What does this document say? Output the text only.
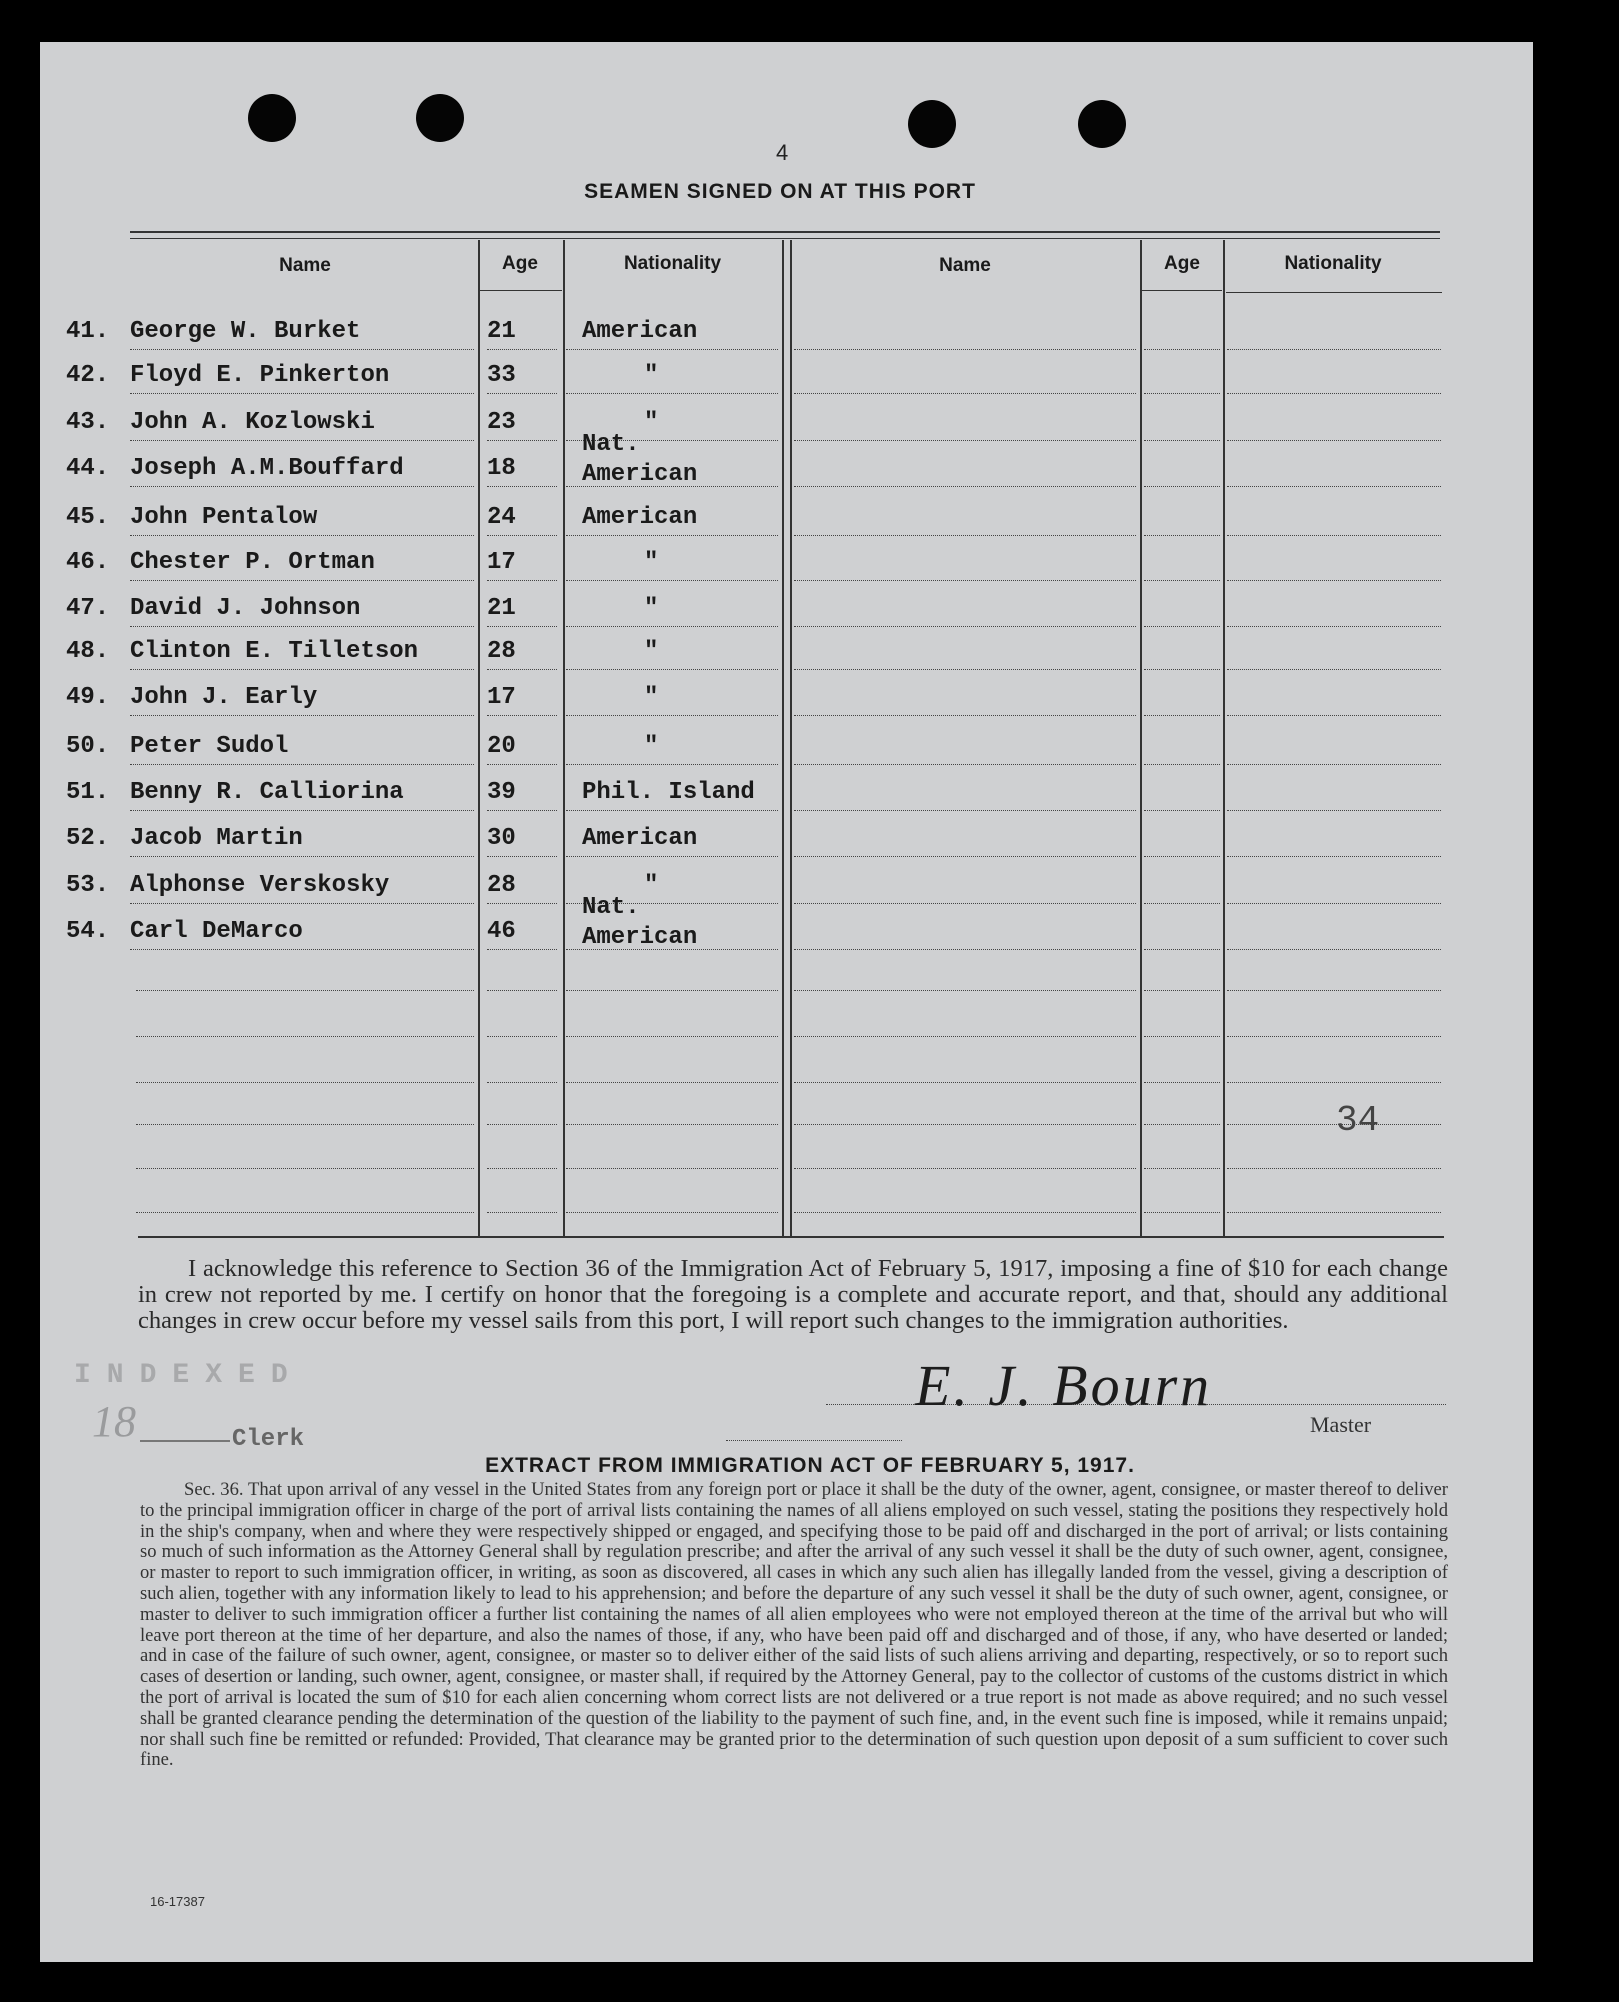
4
SEAMEN SIGNED ON AT THIS PORT
Name	Age	Nationality	Name	Age	Nationality
41. George W. Burket	21	American
42. Floyd E. Pinkerton	33	"
43. John A. Kozlowski	23	"
44. Joseph A.M.Bouffard	18
Nat.
American
45. John Pentalow	24	American
46. Chester P. Ortman	17	"
47. David J. Johnson	21	"
48. Clinton E. Tilletson	28	"
49. John J. Early	17	"
50. Peter Sudol	20	"
51. Benny R. Calliorina	39	Phil. Island
52. Jacob Martin	30	American
53. Alphonse Verskosky	28	"
54. Carl DeMarco	46
Nat.
American
34
I acknowledge this reference to Section 36 of the Immigration Act of February 5, 1917, imposing a fine of $10 for each change in crew not reported by me. I certify on honor that the foregoing is a complete and accurate report, and that, should any additional changes in crew occur before my vessel sails from this port, I will report such changes to the immigration authorities.
INDEXED
18	Clerk
E. J. Bourn
Master
EXTRACT FROM IMMIGRATION ACT OF FEBRUARY 5, 1917.
Sec. 36. That upon arrival of any vessel in the United States from any foreign port or place it shall be the duty of the owner, agent, consignee, or master thereof to deliver to the principal immigration officer in charge of the port of arrival lists containing the names of all aliens employed on such vessel, stating the positions they respectively hold in the ship's company, when and where they were respectively shipped or engaged, and specifying those to be paid off and discharged in the port of arrival; or lists containing so much of such information as the Attorney General shall by regulation prescribe; and after the arrival of any such vessel it shall be the duty of such owner, agent, consignee, or master to report to such immigration officer, in writing, as soon as discovered, all cases in which any such alien has illegally landed from the vessel, giving a description of such alien, together with any information likely to lead to his apprehension; and before the departure of any such vessel it shall be the duty of such owner, agent, consignee, or master to deliver to such immigration officer a further list containing the names of all alien employees who were not employed thereon at the time of the arrival but who will leave port thereon at the time of her departure, and also the names of those, if any, who have been paid off and discharged and of those, if any, who have deserted or landed; and in case of the failure of such owner, agent, consignee, or master so to deliver either of the said lists of such aliens arriving and departing, respectively, or so to report such cases of desertion or landing, such owner, agent, consignee, or master shall, if required by the Attorney General, pay to the collector of customs of the customs district in which the port of arrival is located the sum of $10 for each alien concerning whom correct lists are not delivered or a true report is not made as above required; and no such vessel shall be granted clearance pending the determination of the question of the liability to the payment of such fine, and, in the event such fine is imposed, while it remains unpaid; nor shall such fine be remitted or refunded: Provided, That clearance may be granted prior to the determination of such question upon deposit of a sum sufficient to cover such fine.
16-17387
